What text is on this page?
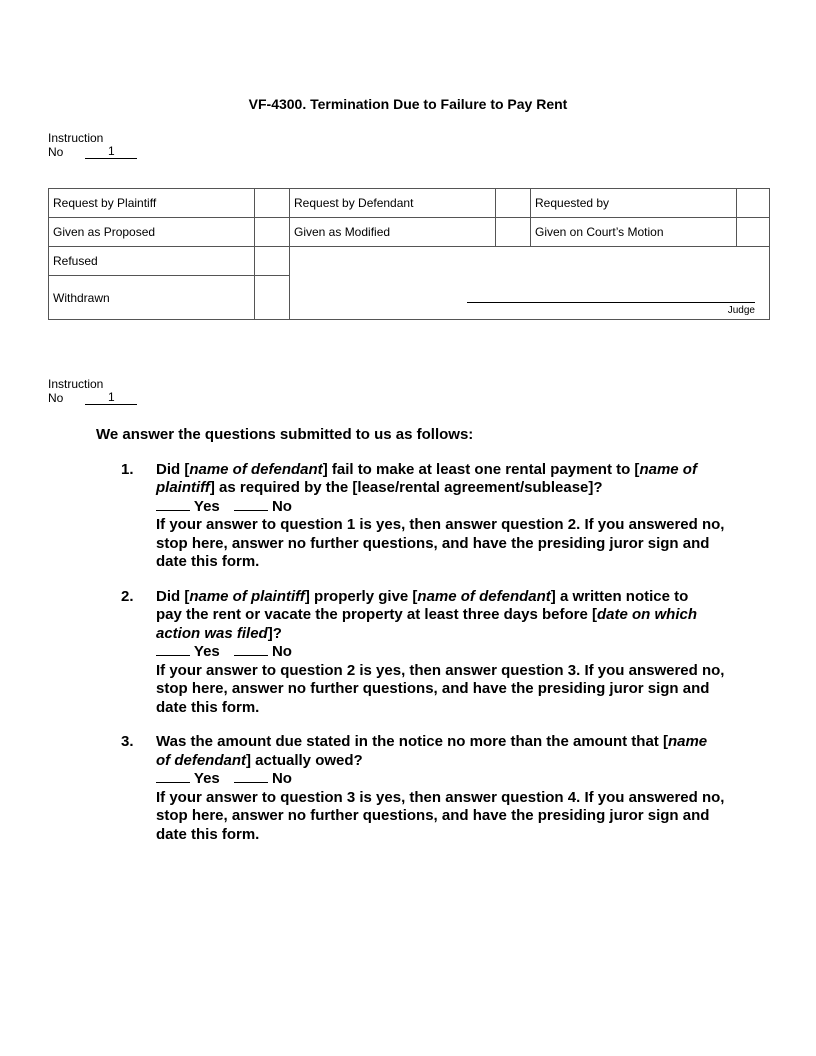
VF-4300. Termination Due to Failure to Pay Rent
Instruction
No	1
Request by Plaintiff		Request by Defendant		Requested by	
Given as Proposed		Given as Modified		Given on Court’s Motion	
Refused		Judge			

Withdrawn					
Instruction
No	1

We answer the questions submitted to us as follows:

1.	Did [name of defendant] fail to make at least one rental payment to [name of plaintiff] as required by the [lease/rental agreement/sublease]?

Yes	No

If your answer to question 1 is yes, then answer question 2. If you answered no, stop here, answer no further questions, and have the presiding juror sign and date this form.

2.	Did [name of plaintiff] properly give [name of defendant] a written notice to pay the rent or vacate the property at least three days before [date on which action was filed]?

Yes	No

If your answer to question 2 is yes, then answer question 3. If you answered no, stop here, answer no further questions, and have the presiding juror sign and date this form.

3.	Was the amount due stated in the notice no more than the amount that [name of defendant] actually owed?

Yes	No

If your answer to question 3 is yes, then answer question 4. If you answered no, stop here, answer no further questions, and have the presiding juror sign and date this form.
